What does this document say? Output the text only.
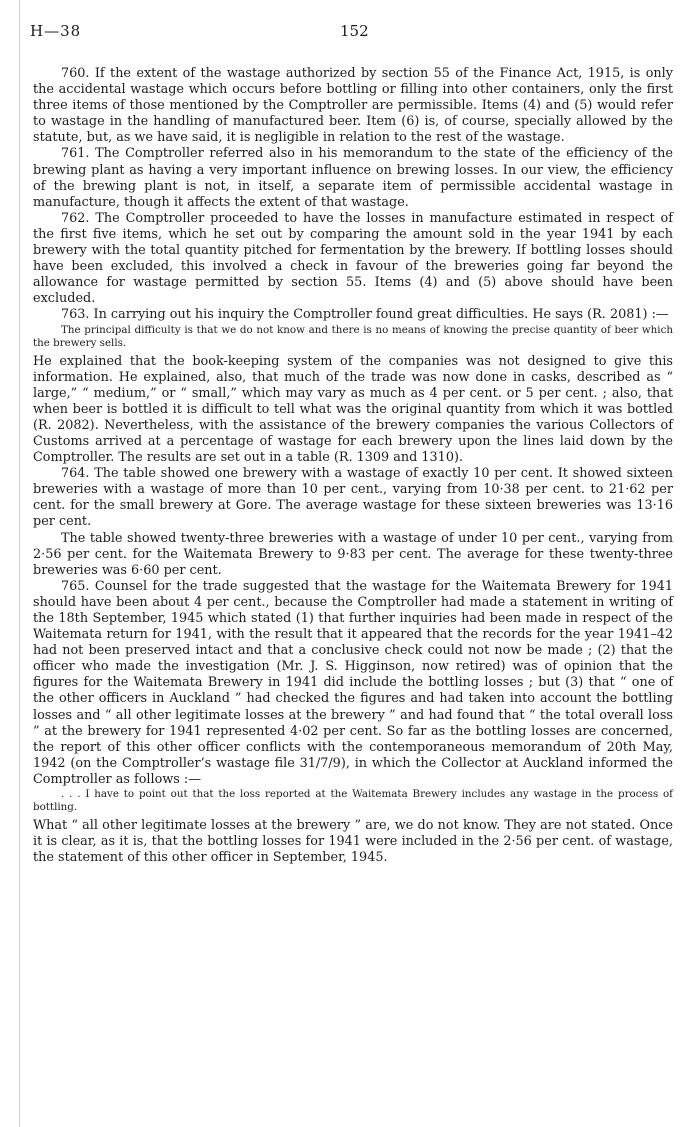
H—38	152

760. If the extent of the wastage authorized by section 55 of the Finance Act, 1915, is only the accidental wastage which occurs before bottling or filling into other containers, only the first three items of those mentioned by the Comptroller are permissible. Items (4) and (5) would refer to wastage in the handling of manufactured beer. Item (6) is, of course, specially allowed by the statute, but, as we have said, it is negligible in relation to the rest of the wastage.

761. The Comptroller referred also in his memorandum to the state of the efficiency of the brewing plant as having a very important influence on brewing losses. In our view, the efficiency of the brewing plant is not, in itself, a separate item of permissible accidental wastage in manufacture, though it affects the extent of that wastage.

762. The Comptroller proceeded to have the losses in manufacture estimated in respect of the first five items, which he set out by comparing the amount sold in the year 1941 by each brewery with the total quantity pitched for fermentation by the brewery. If bottling losses should have been excluded, this involved a check in favour of the breweries going far beyond the allowance for wastage permitted by section 55. Items (4) and (5) above should have been excluded.

763. In carrying out his inquiry the Comptroller found great difficulties. He says (R. 2081) :—

The principal difficulty is that we do not know and there is no means of knowing the precise quantity of beer which the brewery sells.

He explained that the book-keeping system of the companies was not designed to give this information. He explained, also, that much of the trade was now done in casks, described as “ large,” “ medium,” or “ small,” which may vary as much as 4 per cent. or 5 per cent. ; also, that when beer is bottled it is difficult to tell what was the original quantity from which it was bottled (R. 2082). Nevertheless, with the assistance of the brewery companies the various Collectors of Customs arrived at a percentage of wastage for each brewery upon the lines laid down by the Comptroller. The results are set out in a table (R. 1309 and 1310).

764. The table showed one brewery with a wastage of exactly 10 per cent. It showed sixteen breweries with a wastage of more than 10 per cent., varying from 10·38 per cent. to 21·62 per cent. for the small brewery at Gore. The average wastage for these sixteen breweries was 13·16 per cent.

The table showed twenty-three breweries with a wastage of under 10 per cent., varying from 2·56 per cent. for the Waitemata Brewery to 9·83 per cent. The average for these twenty-three breweries was 6·60 per cent.

765. Counsel for the trade suggested that the wastage for the Waitemata Brewery for 1941 should have been about 4 per cent., because the Comptroller had made a statement in writing of the 18th September, 1945 which stated (1) that further inquiries had been made in respect of the Waitemata return for 1941, with the result that it appeared that the records for the year 1941–42 had not been preserved intact and that a conclusive check could not now be made ; (2) that the officer who made the investigation (Mr. J. S. Higginson, now retired) was of opinion that the figures for the Waitemata Brewery in 1941 did include the bottling losses ; but (3) that “ one of the other officers in Auckland ” had checked the figures and had taken into account the bottling losses and “ all other legitimate losses at the brewery ” and had found that “ the total overall loss ” at the brewery for 1941 represented 4·02 per cent. So far as the bottling losses are concerned, the report of this other officer conflicts with the contemporaneous memorandum of 20th May, 1942 (on the Comptroller’s wastage file 31/7/9), in which the Collector at Auckland informed the Comptroller as follows :—

. . . I have to point out that the loss reported at the Waitemata Brewery includes any wastage in the process of bottling.

What “ all other legitimate losses at the brewery ” are, we do not know. They are not stated. Once it is clear, as it is, that the bottling losses for 1941 were included in the 2·56 per cent. of wastage, the statement of this other officer in September, 1945.
